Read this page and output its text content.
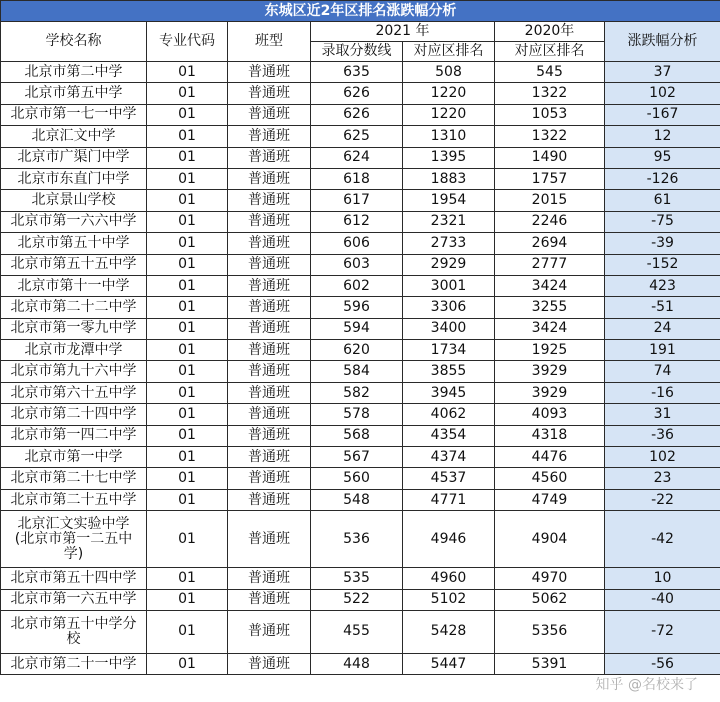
东城区近2年区排名涨跌幅分析						
学校名称	专业代码	班型	2021 年		2020年	涨跌幅分析
			录取分数线	对应区排名	对应区排名	
北京市第二中学	01	普通班	635	508	545	37
北京市第五中学	01	普通班	626	1220	1322	102
北京市第一七一中学	01	普通班	626	1220	1053	-167
北京汇文中学	01	普通班	625	1310	1322	12
北京市广渠门中学	01	普通班	624	1395	1490	95
北京市东直门中学	01	普通班	618	1883	1757	-126
北京景山学校	01	普通班	617	1954	2015	61
北京市第一六六中学	01	普通班	612	2321	2246	-75
北京市第五十中学	01	普通班	606	2733	2694	-39
北京市第五十五中学	01	普通班	603	2929	2777	-152
北京市第十一中学	01	普通班	602	3001	3424	423
北京市第二十二中学	01	普通班	596	3306	3255	-51
北京市第一零九中学	01	普通班	594	3400	3424	24
北京市龙潭中学	01	普通班	620	1734	1925	191
北京市第九十六中学	01	普通班	584	3855	3929	74
北京市第六十五中学	01	普通班	582	3945	3929	-16
北京市第二十四中学	01	普通班	578	4062	4093	31
北京市第一四二中学	01	普通班	568	4354	4318	-36
北京市第一中学	01	普通班	567	4374	4476	102
北京市第二十七中学	01	普通班	560	4537	4560	23
北京市第二十五中学	01	普通班	548	4771	4749	-22
北京汇文实验中学
(北京市第一二五中
学)	01	普通班	536	4946	4904	-42
北京市第五十四中学	01	普通班	535	4960	4970	10
北京市第一六五中学	01	普通班	522	5102	5062	-40
北京市第五十中学分
校	01	普通班	455	5428	5356	-72
北京市第二十一中学	01	普通班	448	5447	5391	-56
知乎 @名校来了
